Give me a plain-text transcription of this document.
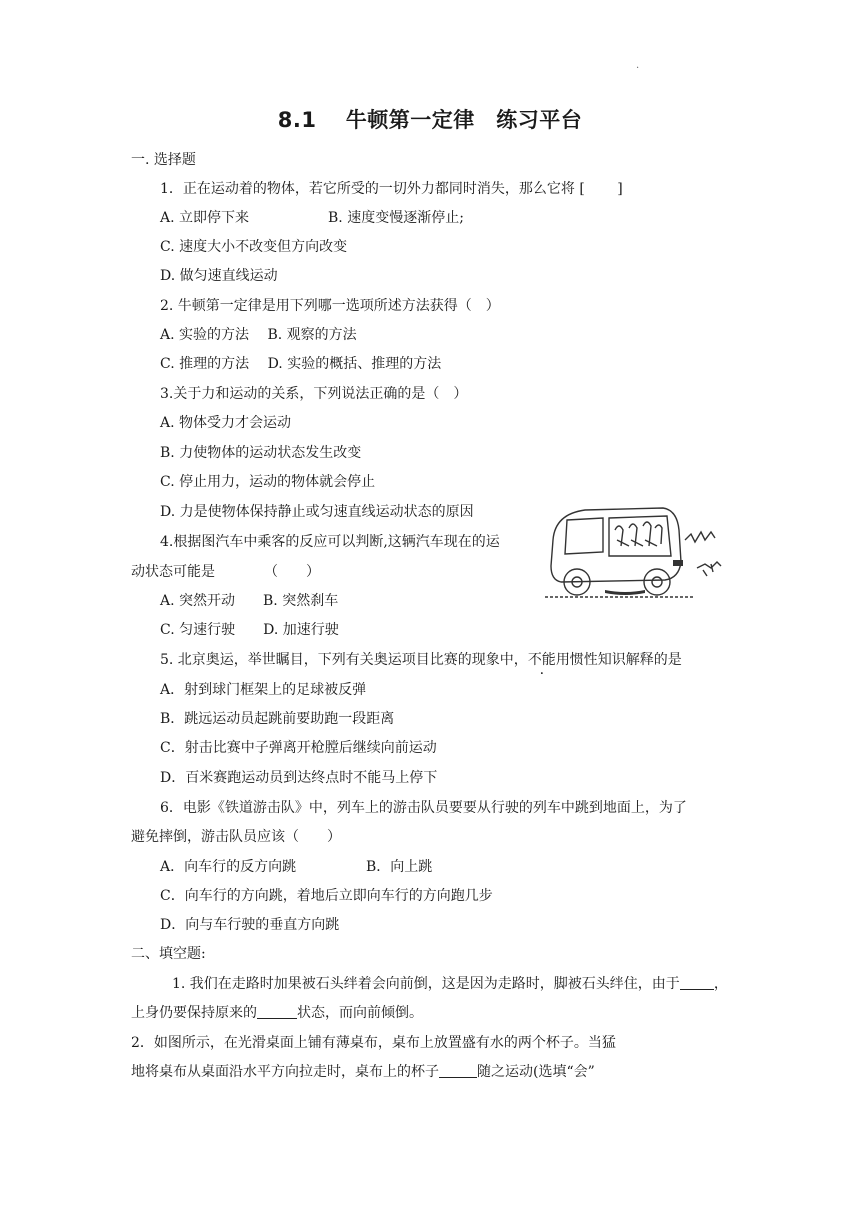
.
8.1　 牛顿第一定律　练习平台
一. 选择题
1．正在运动着的物体，若它所受的一切外力都同时消失，那么它将 [　　 ]
A. 立即停下来	B. 速度变慢逐渐停止;
C. 速度大小不改变但方向改变
D. 做匀速直线运动
2. 牛顿第一定律是用下列哪一选项所述方法获得（　）
A. 实验的方法　 B. 观察的方法
C. 推理的方法　 D. 实验的概括、推理的方法
3.关于力和运动的关系，下列说法正确的是（　）
A. 物体受力才会运动
B. 力使物体的运动状态发生改变
C. 停止用力，运动的物体就会停止
D. 力是使物体保持静止或匀速直线运动状态的原因
4.根据图汽车中乘客的反应可以判断,这辆汽车现在的运
动状态可能是　　　　（　　）
A. 突然开动　　B. 突然刹车
C. 匀速行驶　　D. 加速行驶
5. 北京奥运，举世瞩目，下列有关奥运项目比赛的现象中，不能用惯性知识解释的是
A．射到球门框架上的足球被反弹
B．跳远运动员起跳前要助跑一段距离
C．射击比赛中子弹离开枪膛后继续向前运动
D．百米赛跑运动员到达终点时不能马上停下
6．电影《铁道游击队》中，列车上的游击队员要要从行驶的列车中跳到地面上，为了
避免摔倒，游击队员应该（　　）
A．向车行的反方向跳	B．向上跳
C．向车行的方向跳，着地后立即向车行的方向跑几步
D．向与车行驶的垂直方向跳
二、填空题:
1. 我们在走路时加果被石头绊着会向前倒，这是因为走路时，脚被石头绊住，由于 ，
上身仍要保持原来的	状态，而向前倾倒。
2．如图所示，在光滑桌面上铺有薄桌布，桌布上放置盛有水的两个杯子。当猛
地将桌布从桌面沿水平方向拉走时，桌布上的杯子	随之运动(选填“会”
